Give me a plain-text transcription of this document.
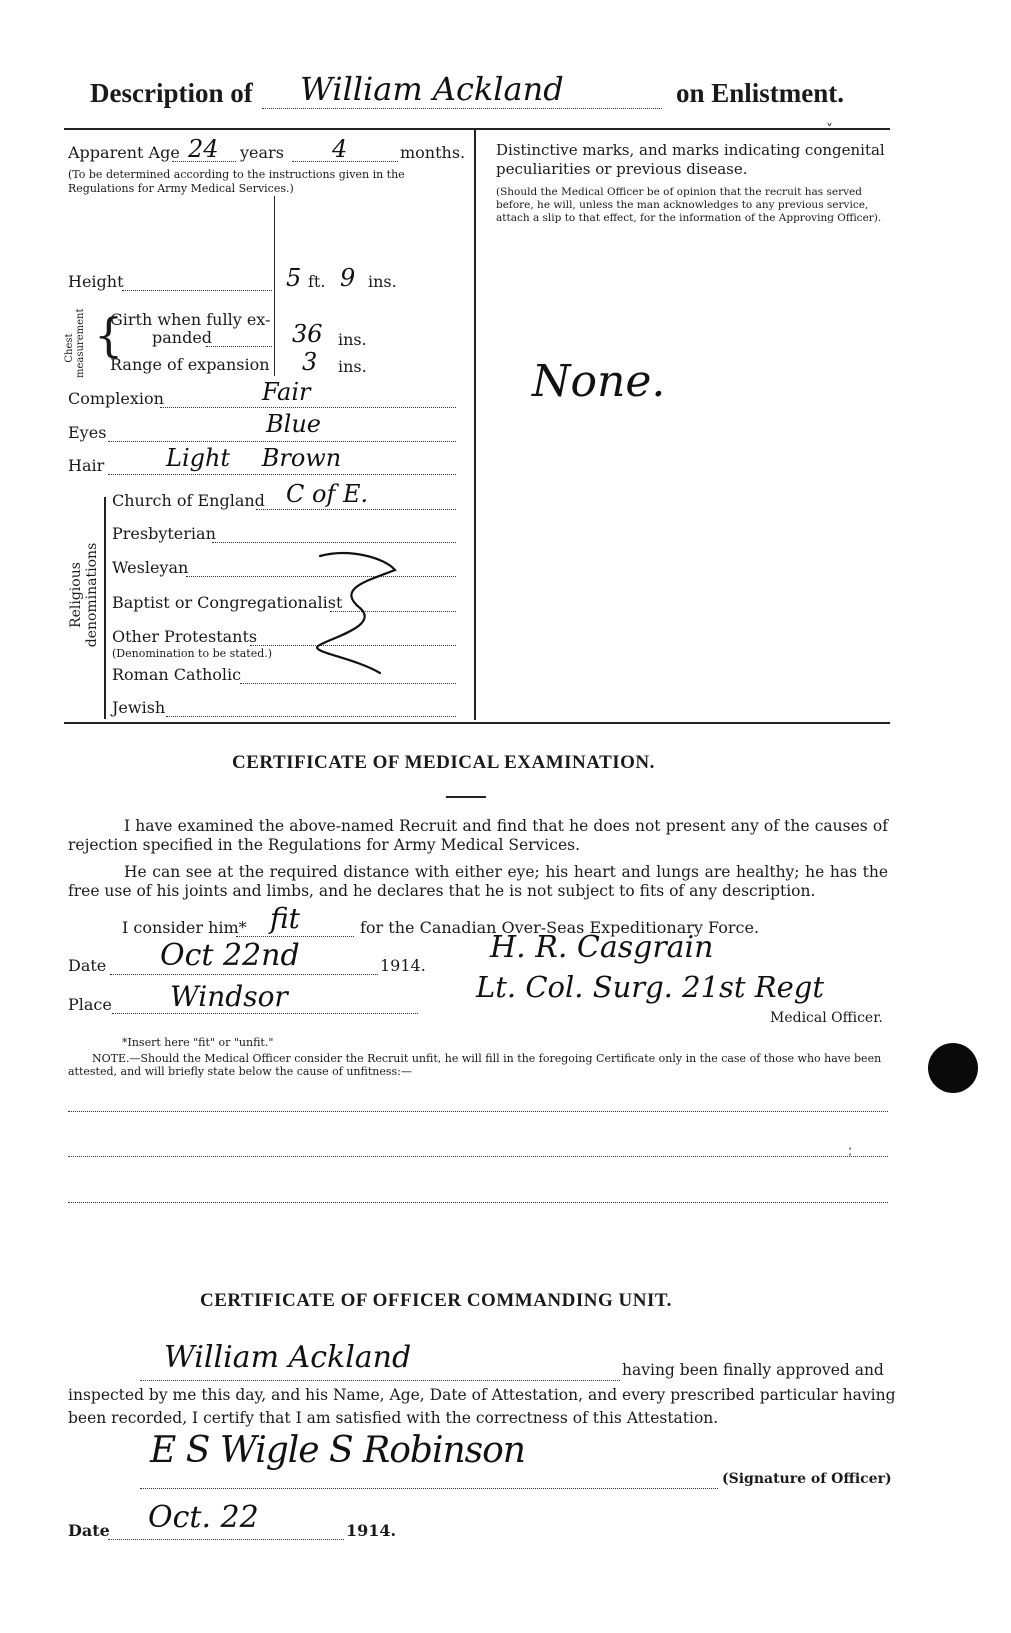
Description of William Ackland	on Enlistment.
Apparent Age 24 years 4	months.
(To be determined according to the instructions given in the Regulations for Army Medical Services.)
Height	5 ft. 9 ins.
Chest measurement {
Girth when fully ex-
panded	36 ins.
Range of expansion 3 ins.
Complexion	Fair
Eyes	Blue
Hair	Light Brown
Religious denominations
Church of England C of E.
Presbyterian
Wesleyan
Baptist or Congregationalist
Other Protestants
(Denomination to be stated.)
Roman Catholic
Jewish
Distinctive marks, and marks indicating congenital peculiarities or previous disease.
(Should the Medical Officer be of opinion that the recruit has served before, he will, unless the man acknowledges to any previous service, attach a slip to that effect, for the information of the Approving Officer).
None.
˅
CERTIFICATE OF MEDICAL EXAMINATION.
I have examined the above-named Recruit and find that he does not present any of the causes of rejection specified in the Regulations for Army Medical Services.
He can see at the required distance with either eye; his heart and lungs are healthy; he has the free use of his joints and limbs, and he declares that he is not subject to fits of any description.
I consider him* fit	for the Canadian Over-Seas Expeditionary Force.
Date Oct 22nd	1914.
Place Windsor
H. R. Casgrain
Lt. Col. Surg. 21st Regt
Medical Officer.
*Insert here "fit" or "unfit."
NOTE.—Should the Medical Officer consider the Recruit unfit, he will fill in the foregoing Certificate only in the case of those who have been attested, and will briefly state below the cause of unfitness:—
∶
CERTIFICATE OF OFFICER COMMANDING UNIT.
William Ackland	having been finally approved and
inspected by me this day, and his Name, Age, Date of Attestation, and every prescribed particular having
been recorded, I certify that I am satisfied with the correctness of this Attestation.
E S Wigle S Robinson
(Signature of Officer)
Date Oct. 22	1914.
